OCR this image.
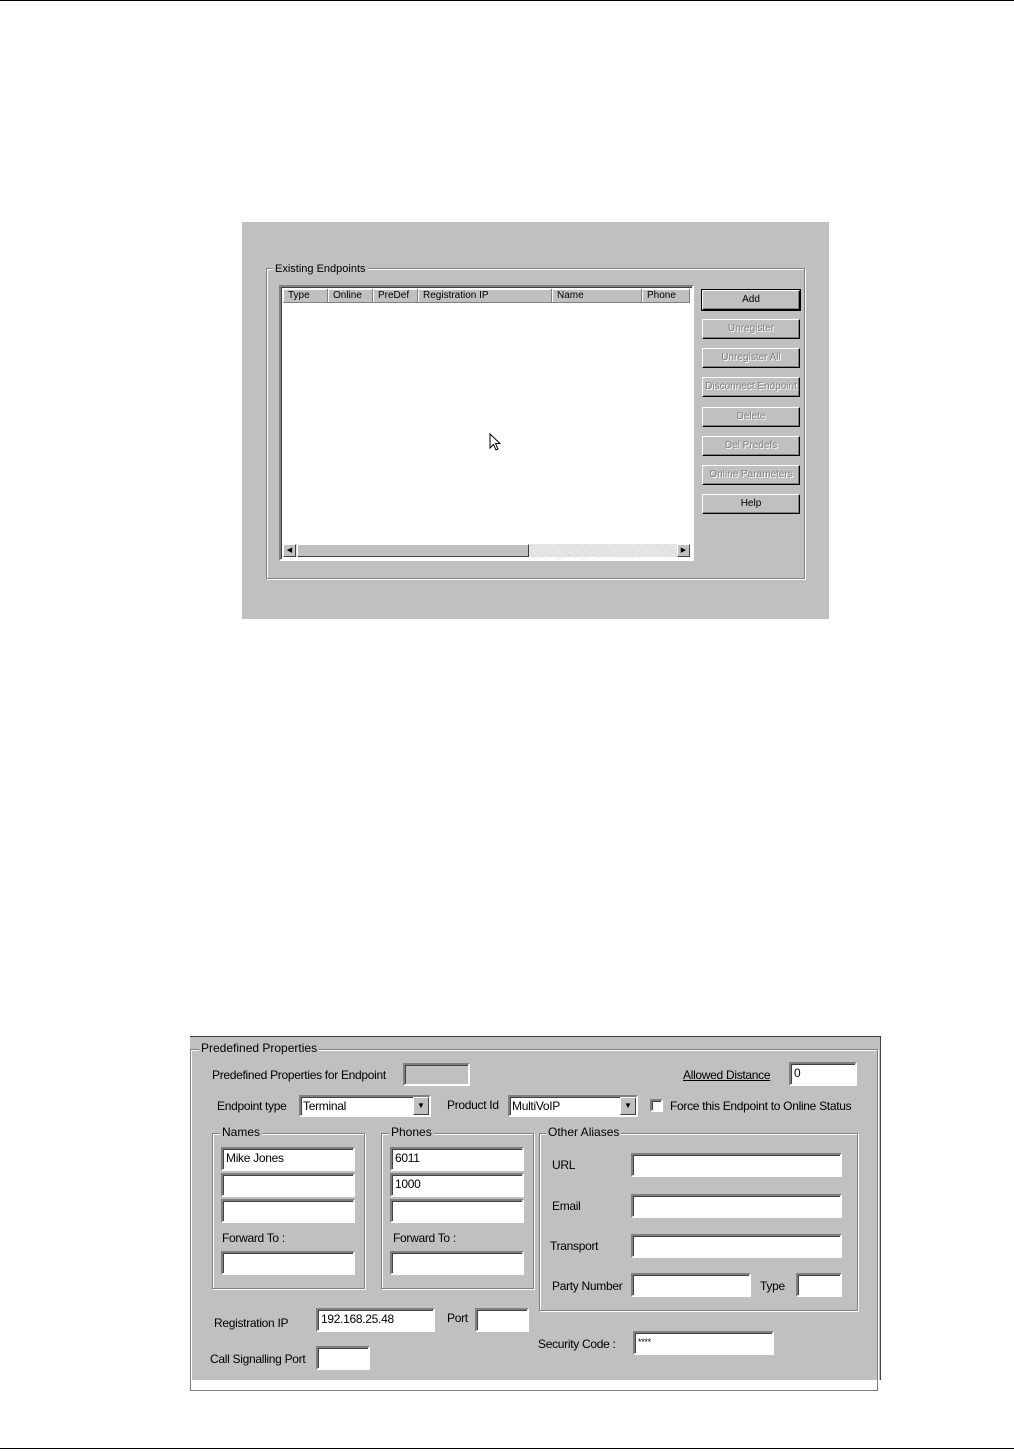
Existing Endpoints
Type	Online	PreDef	Registration IP	Name	Phone
◀	▶
Add
Unregister
Unregister All
Disconnect Endpoint
Delete
Del Predefs
Online Parameters
Help
Predefined Properties
Predefined Properties for Endpoint	Allowed Distance	0
Endpoint type Terminal	▼	Product Id MultiVoIP	▼	Force this Endpoint to Online Status
Names
Mike Jones
Forward To :
Phones
6011
1000
Forward To :
Other Aliases
URL
Email
Transport
Party Number	Type
Registration IP	192.168.25.48	Port
Security Code :	****
Call Signalling Port
